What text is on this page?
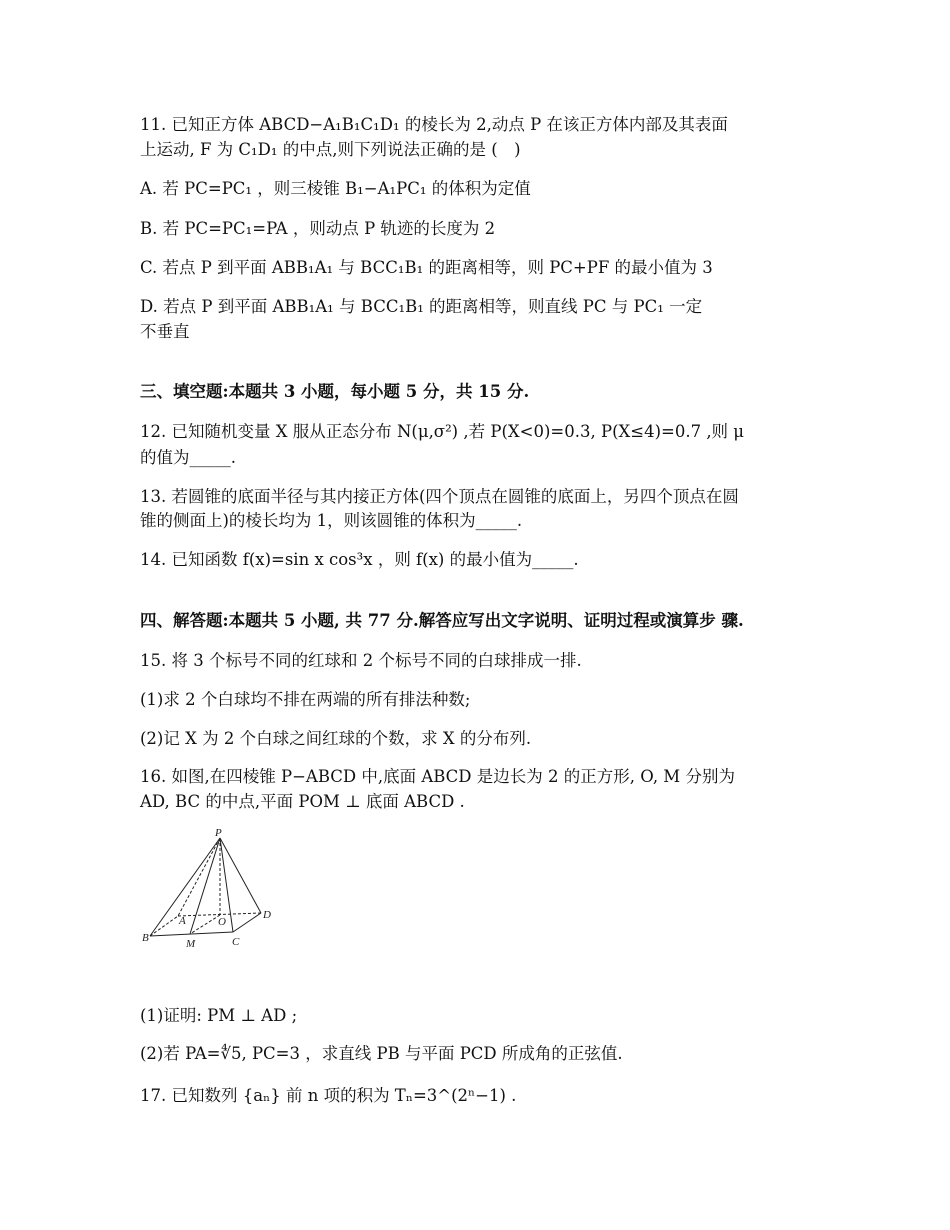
11. 已知正方体 ABCD−A₁B₁C₁D₁ 的棱长为 2,动点 P 在该正方体内部及其表面
上运动, F 为 C₁D₁ 的中点,则下列说法正确的是 (　)
A. 若 PC=PC₁ ，则三棱锥 B₁−A₁PC₁ 的体积为定值
B. 若 PC=PC₁=PA ，则动点 P 轨迹的长度为 2
C. 若点 P 到平面 ABB₁A₁ 与 BCC₁B₁ 的距离相等，则 PC+PF 的最小值为 3
D. 若点 P 到平面 ABB₁A₁ 与 BCC₁B₁ 的距离相等，则直线 PC 与 PC₁ 一定
不垂直
三、填空题:本题共 3 小题，每小题 5 分，共 15 分.
12. 已知随机变量 X 服从正态分布 N(μ,σ²) ,若 P(X<0)=0.3, P(X≤4)=0.7 ,则 μ
的值为_____.
13. 若圆锥的底面半径与其内接正方体(四个顶点在圆锥的底面上，另四个顶点在圆
锥的侧面上)的棱长均为 1，则该圆锥的体积为_____.
14. 已知函数 f(x)=sin x cos³x ，则 f(x) 的最小值为_____.
四、解答题:本题共 5 小题, 共 77 分.解答应写出文字说明、证明过程或演算步 骤.
15. 将 3 个标号不同的红球和 2 个标号不同的白球排成一排.
(1)求 2 个白球均不排在两端的所有排法种数;
(2)记 X 为 2 个白球之间红球的个数，求 X 的分布列.
16. 如图,在四棱锥 P−ABCD 中,底面 ABCD 是边长为 2 的正方形, O, M 分别为
AD, BC 的中点,平面 POM ⊥ 底面 ABCD .
P
A	O
D
B	M	C
(1)证明: PM ⊥ AD ;
(2)若 PA=∜5, PC=3 ，求直线 PB 与平面 PCD 所成角的正弦值.
17. 已知数列 {aₙ} 前 n 项的积为 Tₙ=3^(2ⁿ−1) .
